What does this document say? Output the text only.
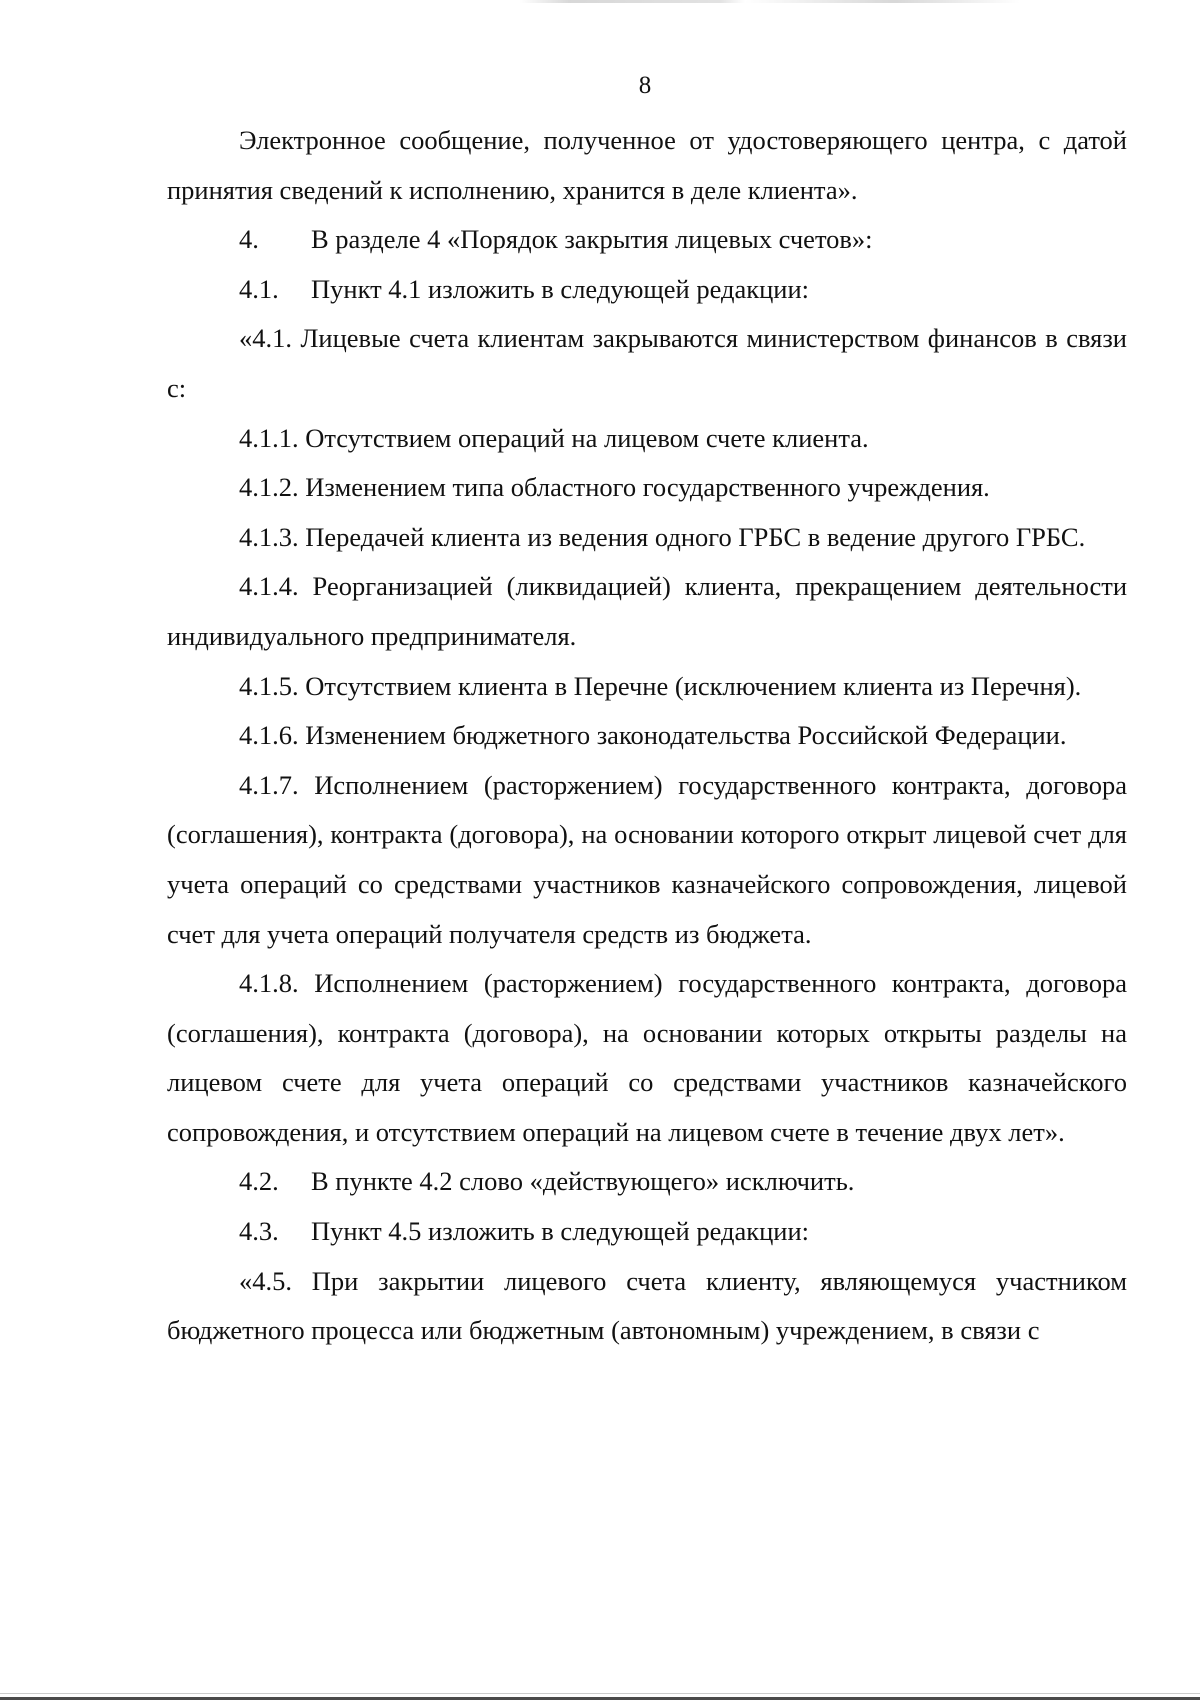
8

Электронное сообщение, полученное от удостоверяющего центра, с датой принятия сведений к исполнению, хранится в деле клиента».

4.	В разделе 4 «Порядок закрытия лицевых счетов»:
4.1.	Пункт 4.1 изложить в следующей редакции:

«4.1. Лицевые счета клиентам закрываются министерством финансов в связи с:

4.1.1. Отсутствием операций на лицевом счете клиента.

4.1.2. Изменением типа областного государственного учреждения.

4.1.3. Передачей клиента из ведения одного ГРБС в ведение другого ГРБС.

4.1.4. Реорганизацией (ликвидацией) клиента, прекращением деятельности индивидуального предпринимателя.

4.1.5. Отсутствием клиента в Перечне (исключением клиента из Перечня).

4.1.6. Изменением бюджетного законодательства Российской Федерации.

4.1.7. Исполнением (расторжением) государственного контракта, договора (соглашения), контракта (договора), на основании которого открыт лицевой счет для учета операций со средствами участников казначейского сопровождения, лицевой счет для учета операций получателя средств из бюджета.

4.1.8. Исполнением (расторжением) государственного контракта, договора (соглашения), контракта (договора), на основании которых открыты разделы на лицевом счете для учета операций со средствами участников казначейского сопровождения, и отсутствием операций на лицевом счете в течение двух лет».

4.2.	В пункте 4.2 слово «действующего» исключить.
4.3.	Пункт 4.5 изложить в следующей редакции:

«4.5. При закрытии лицевого счета клиенту, являющемуся участником бюджетного процесса или бюджетным (автономным) учреждением, в связи с
